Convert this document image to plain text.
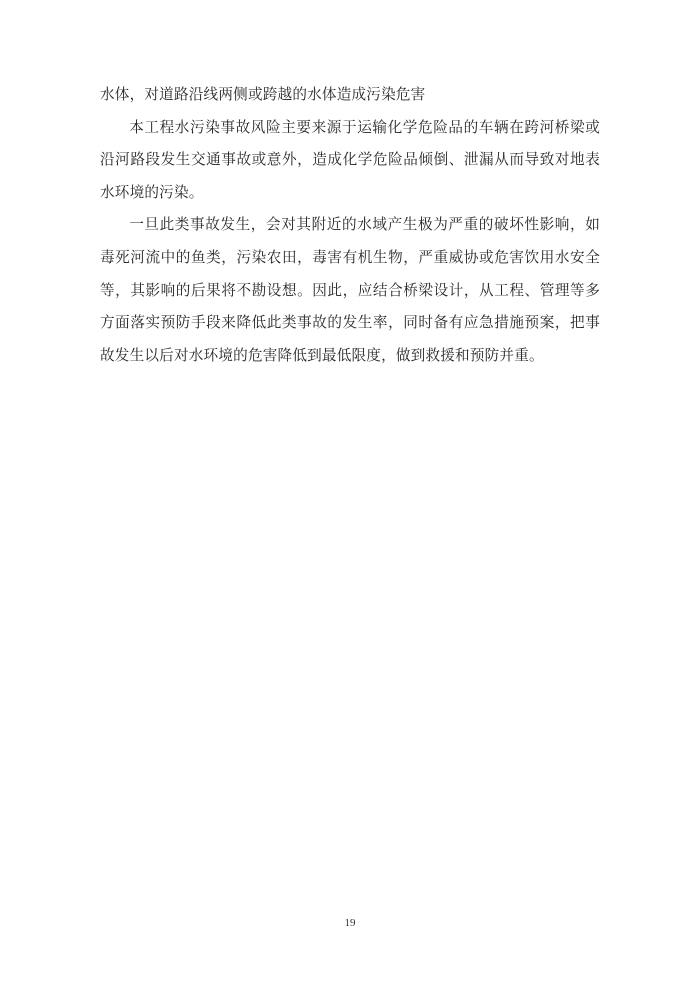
水体，对道路沿线两侧或跨越的水体造成污染危害

本工程水污染事故风险主要来源于运输化学危险品的车辆在跨河桥梁或沿河路段发生交通事故或意外，造成化学危险品倾倒、泄漏从而导致对地表水环境的污染。

一旦此类事故发生，会对其附近的水域产生极为严重的破坏性影响，如毒死河流中的鱼类，污染农田，毒害有机生物，严重威协或危害饮用水安全等，其影响的后果将不勘设想。因此，应结合桥梁设计，从工程、管理等多方面落实预防手段来降低此类事故的发生率，同时备有应急措施预案，把事故发生以后对水环境的危害降低到最低限度，做到救援和预防并重。

19
